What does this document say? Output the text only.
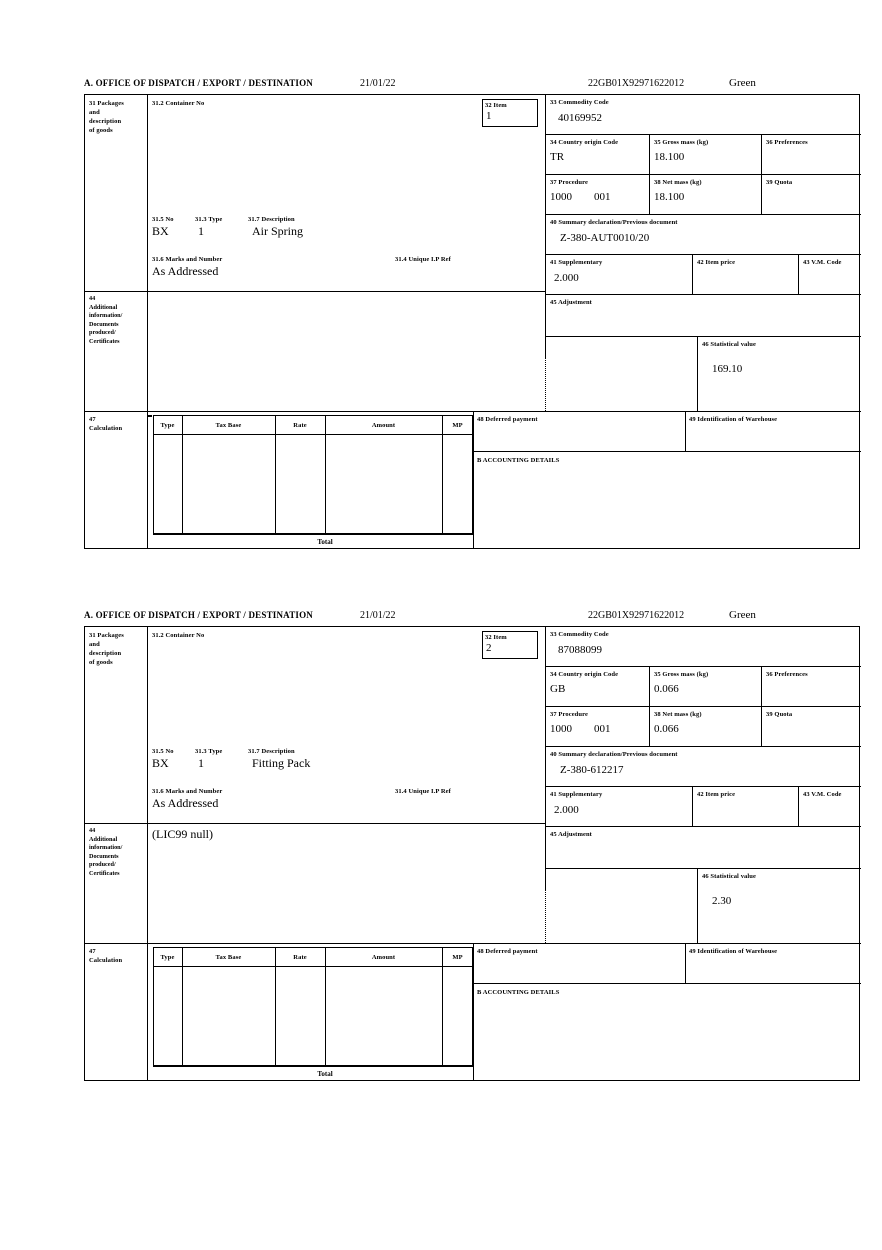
A. OFFICE OF DISPATCH / EXPORT / DESTINATION	21/01/22	22GB01X92971622012	Green
31 Packages
and
description
of goods
44
Additional
information/
Documents
produced/
Certificates
47
Calculation
31.2 Container No
31.5 No	31.3 Type	31.7 Description
BX 1	Air Spring
31.6 Marks and Number	31.4 Unique I.P Ref
As Addressed
32 Item
1
33 Commodity Code
40169952
34 Country origin Code
TR
35 Gross mass (kg)
18.100
36 Preferences
37 Procedure
1000 001
38 Net mass (kg)
18.100
39 Quota
40 Summary declaration/Previous document
Z-380-AUT0010/20
41 Supplementary
2.000
42 Item price	43 V.M. Code
45 Adjustment
46 Statistical value
169.10
Type	Tax Base	Rate	Amount	MP
Total
48 Deferred payment	49 Identification of Warehouse
B ACCOUNTING DETAILS
A. OFFICE OF DISPATCH / EXPORT / DESTINATION	21/01/22	22GB01X92971622012	Green
31 Packages
and
description
of goods
44
Additional
information/
Documents
produced/
Certificates
47
Calculation
31.2 Container No
31.5 No	31.3 Type	31.7 Description
BX 1	Fitting Pack
31.6 Marks and Number	31.4 Unique I.P Ref
As Addressed
32 Item
2
33 Commodity Code
87088099
34 Country origin Code
GB
35 Gross mass (kg)
0.066
36 Preferences
37 Procedure
1000 001
38 Net mass (kg)
0.066
39 Quota
40 Summary declaration/Previous document
Z-380-612217
41 Supplementary
2.000
42 Item price	43 V.M. Code
45 Adjustment
46 Statistical value
2.30
(LIC99 null)
Type	Tax Base	Rate	Amount	MP
Total
48 Deferred payment	49 Identification of Warehouse
B ACCOUNTING DETAILS
